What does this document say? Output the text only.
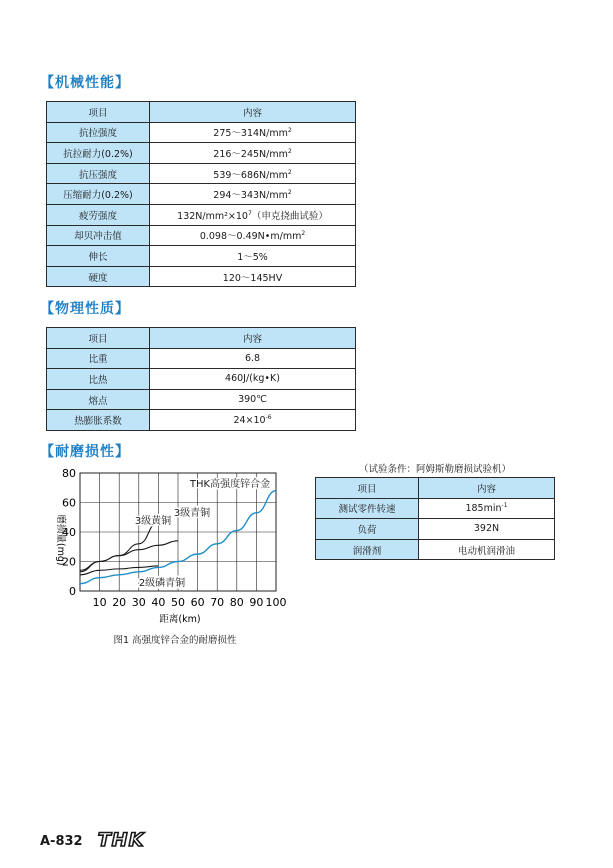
【机械性能】
项目	内容
抗拉强度	$275\sim 314N/mm^2$
抗拉耐力(0.2%)	$216\sim 245N/mm^2$
抗压强度	$539\sim 686N/mm^2$
压缩耐力(0.2%)	$294\sim 343N/mm^2$
疲劳强度	$132N/mm^2\times 10^7$（申克挠曲试验）
却贝冲击值	$0.098\sim 0.49N•m/mm^2$
伸长	1～5%
硬度	120～145HV
【物理性质】
项目	内容
比重	6.8
比热	460J/(kg•K)
熔点	390℃
热膨胀系数	$24\times 10^{-6}$
【耐磨损性】
0
20
40
60
80
10 20 30 40 50 60 70 80 90 100
距离(km)
磨损量(mg)
THK高强度锌合金
3级青铜
3级黄铜
2级磷青铜
图1 高强度锌合金的耐磨损性
（试验条件：阿姆斯勒磨损试验机）
项目	内容
测试零件转速	$185\min^{-1}$
负荷	392N
润滑剂	电动机润滑油
A-832 THK
